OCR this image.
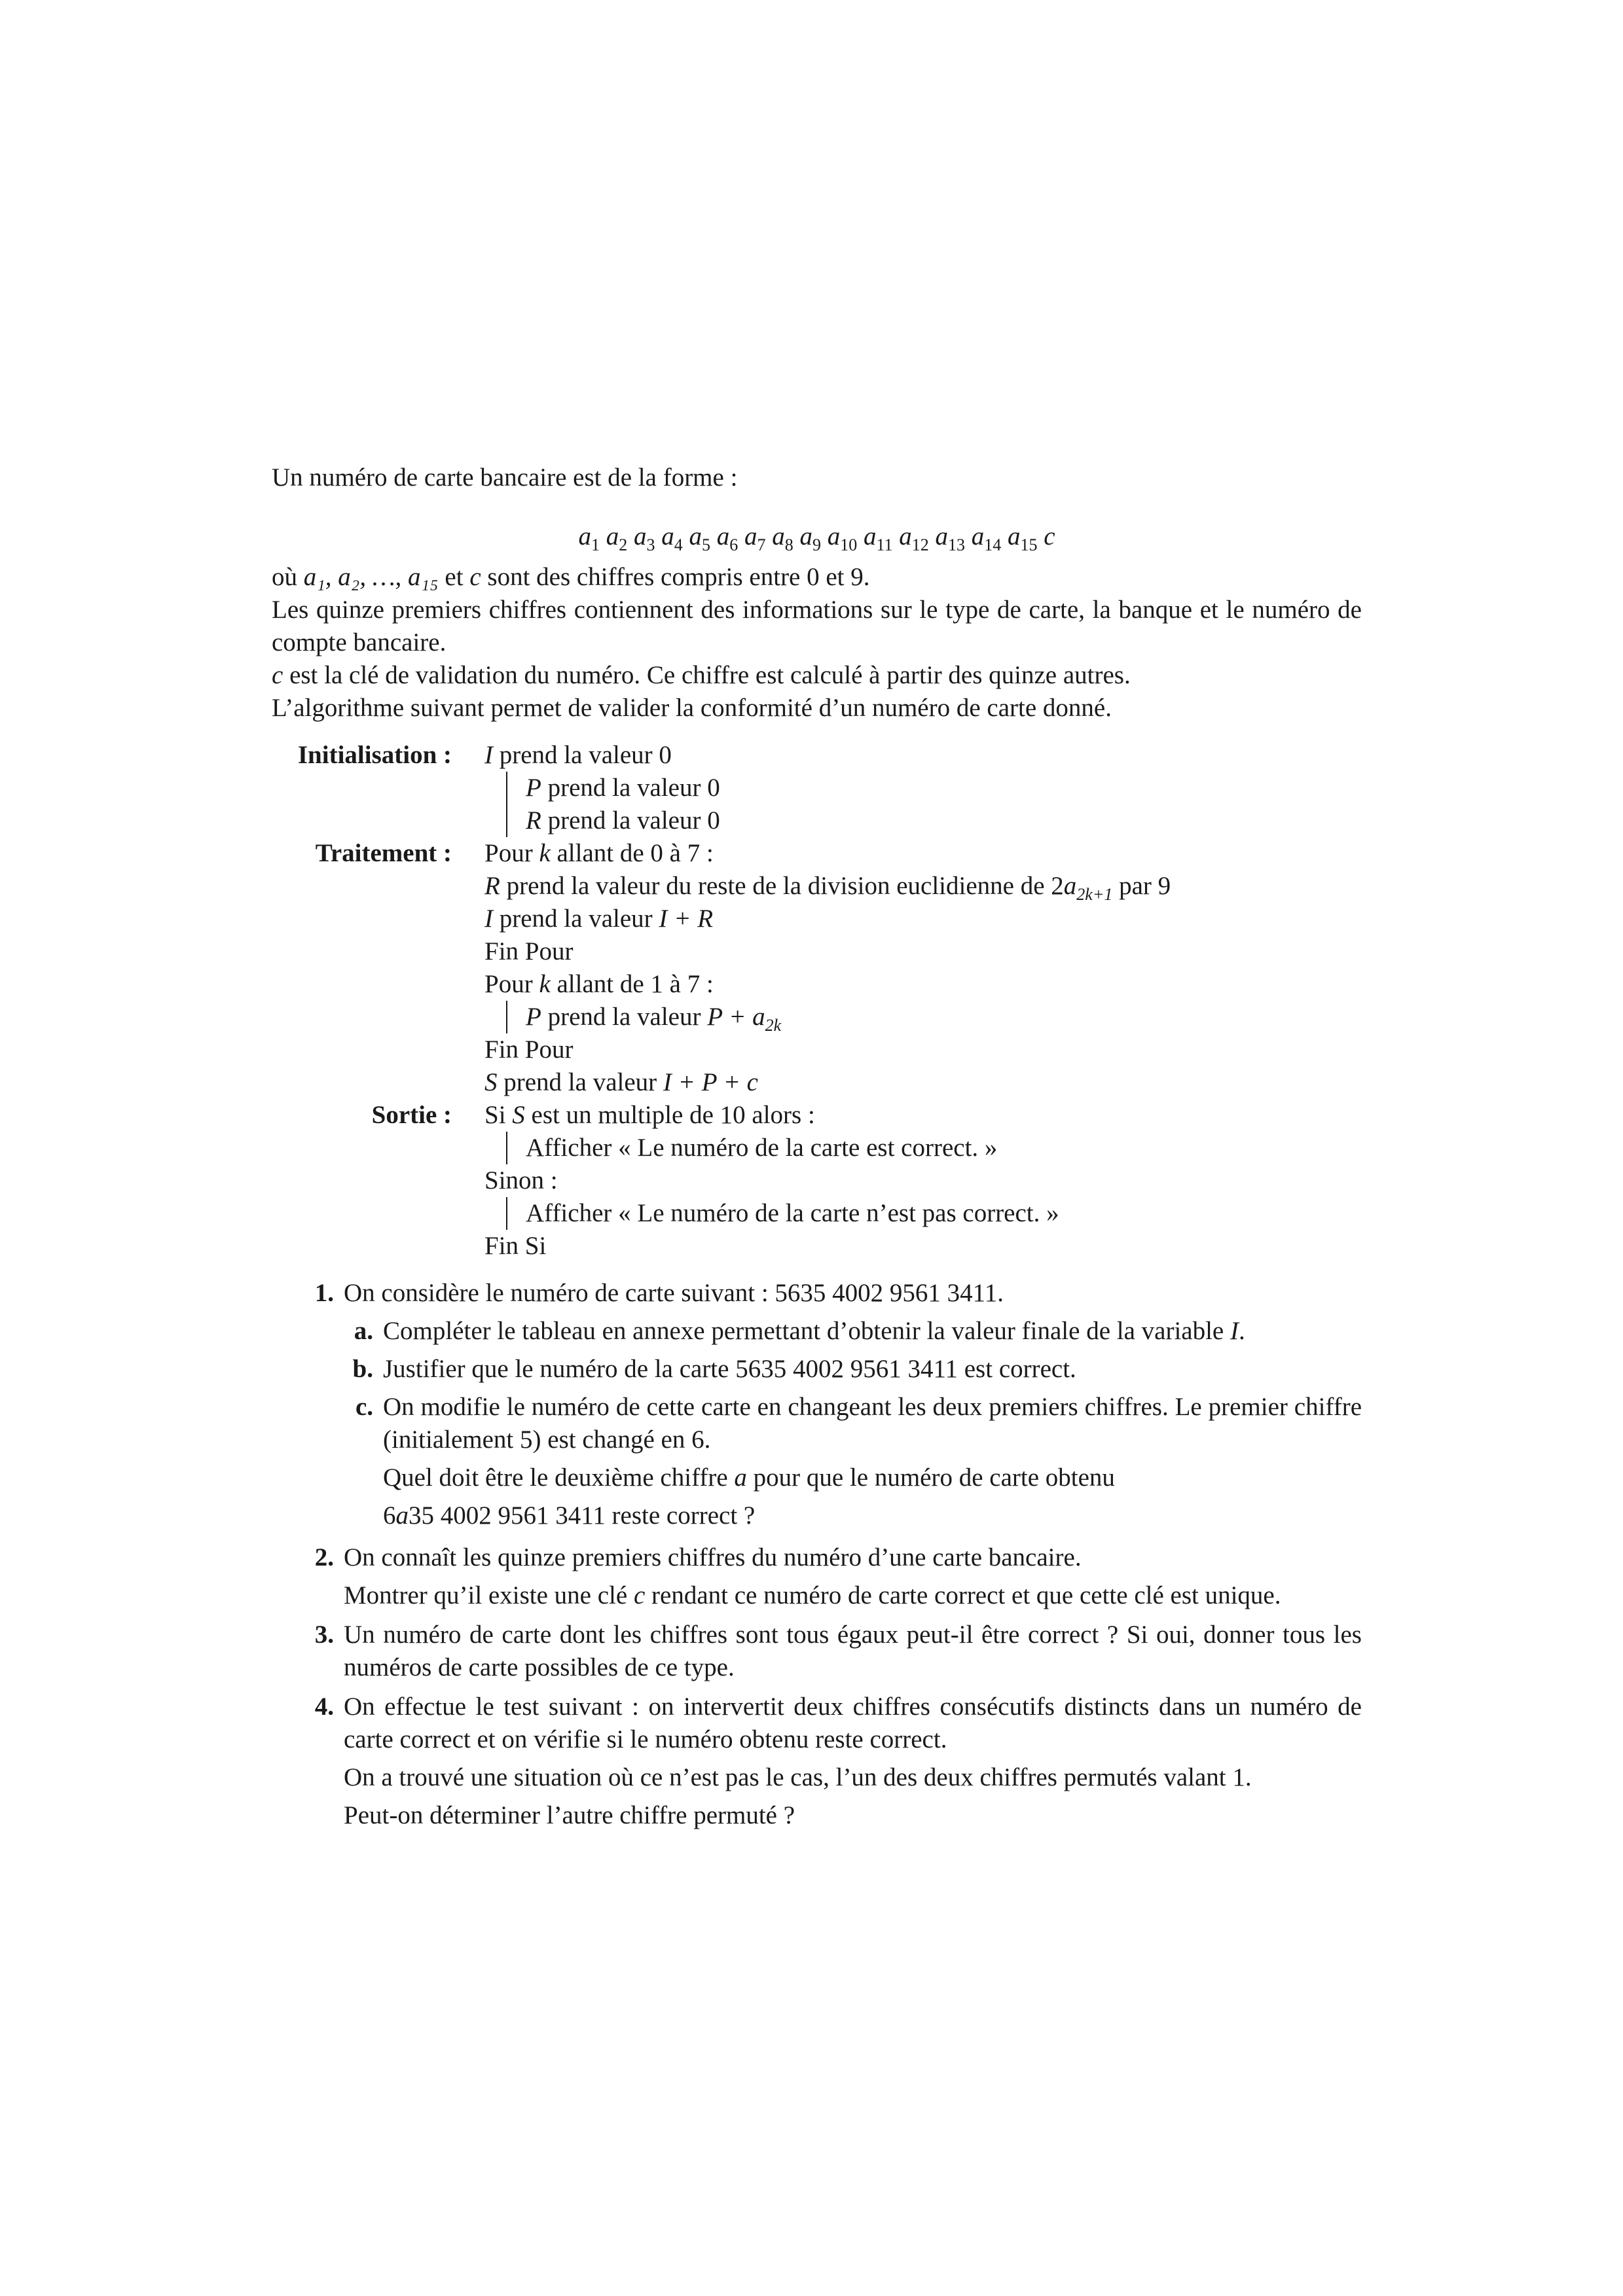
Un numéro de carte bancaire est de la forme :

$a_1$ $a_2$ $a_3$ $a_4$ $a_5$ $a_6$ $a_7$ $a_8$ $a_9$ $a_{10}$ $a_{11}$ $a_{12}$ $a_{13}$ $a_{14}$ $a_{15}$ c

où a₁, a₂, …, a₁₅ et c sont des chiffres compris entre 0 et 9.

Les quinze premiers chiffres contiennent des informations sur le type de carte, la banque et le numéro de compte bancaire.

c est la clé de validation du numéro. Ce chiffre est calculé à partir des quinze autres.

L’algorithme suivant permet de valider la conformité d’un numéro de carte donné.

Initialisation :	I prend la valeur 0
P prend la valeur 0
R prend la valeur 0
Traitement :	Pour k allant de 0 à 7 :
R prend la valeur du reste de la division euclidienne de $2a_{2k+1}$ par 9
I prend la valeur I + R
Fin Pour
Pour k allant de 1 à 7 :
P prend la valeur $P + a_{2k}$
Fin Pour
S prend la valeur I + P + c
Sortie :	Si S est un multiple de 10 alors :
Afficher « Le numéro de la carte est correct. »
Sinon :
Afficher « Le numéro de la carte n’est pas correct. »
Fin Si
1. On considère le numéro de carte suivant : 5635 4002 9561 3411.
a. Compléter le tableau en annexe permettant d’obtenir la valeur finale de la variable I.
b. Justifier que le numéro de la carte 5635 4002 9561 3411 est correct.
c. On modifie le numéro de cette carte en changeant les deux premiers chiffres. Le premier chiffre (initialement 5) est changé en 6.
Quel doit être le deuxième chiffre a pour que le numéro de carte obtenu
6a35 4002 9561 3411 reste correct ?
2. On connaît les quinze premiers chiffres du numéro d’une carte bancaire.
Montrer qu’il existe une clé c rendant ce numéro de carte correct et que cette clé est unique.
3. Un numéro de carte dont les chiffres sont tous égaux peut-il être correct ? Si oui, donner tous les numéros de carte possibles de ce type.
4. On effectue le test suivant : on intervertit deux chiffres consécutifs distincts dans un numéro de carte correct et on vérifie si le numéro obtenu reste correct.
On a trouvé une situation où ce n’est pas le cas, l’un des deux chiffres permutés valant 1.
Peut-on déterminer l’autre chiffre permuté ?
